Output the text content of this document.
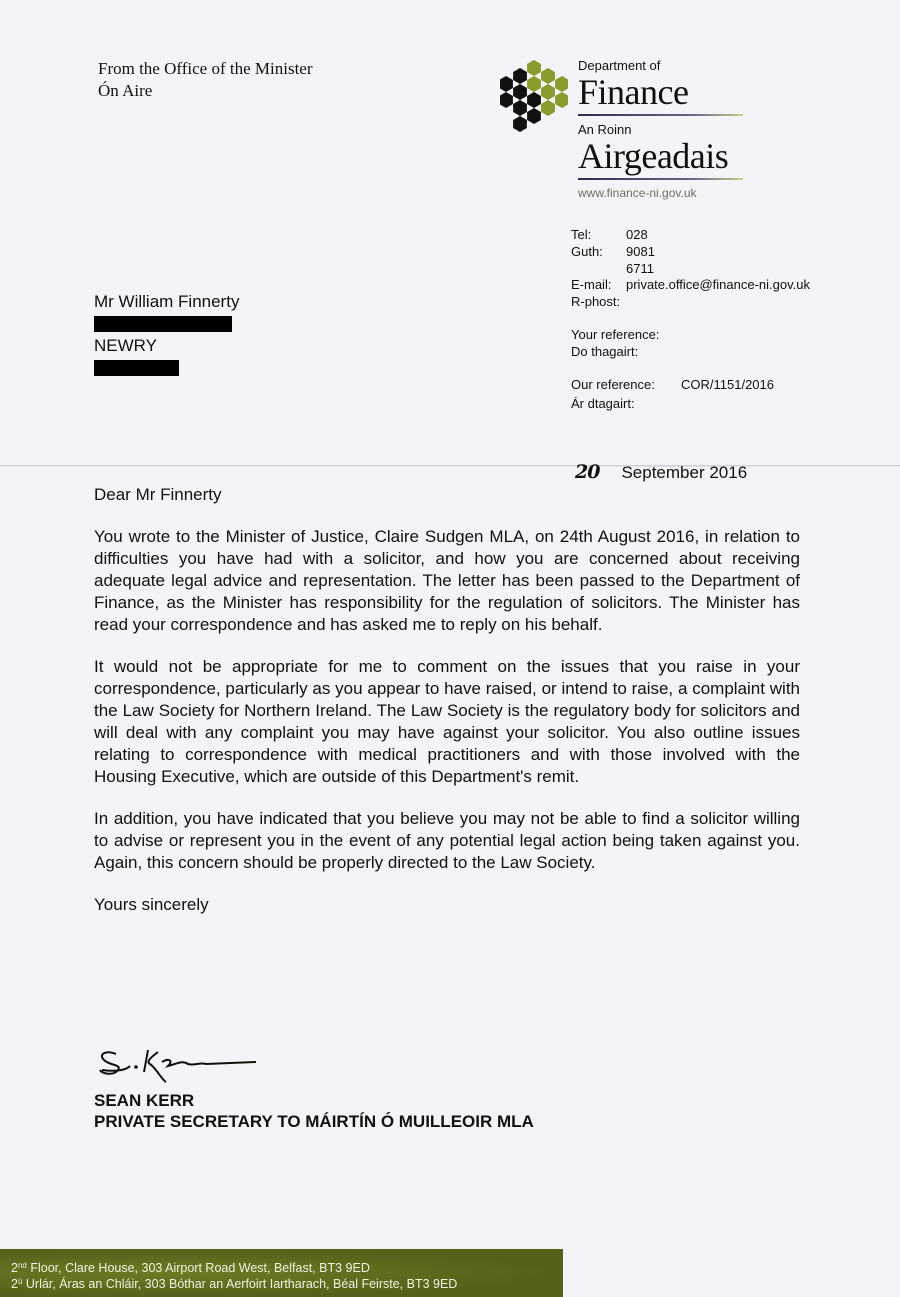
From the Office of the Minister
Ón Aire
Department of
Finance
An Roinn
Airgeadais
www.finance-ni.gov.uk
Tel:	028 9081 6711
Guth:
E-mail: private.office@finance-ni.gov.uk
R-phost:
Your reference:
Do thagairt:
Our reference: COR/1151/2016
Ár dtagairt:
Mr William Finnerty
NEWRY
20 September 2016

Dear Mr Finnerty

You wrote to the Minister of Justice, Claire Sudgen MLA, on 24th August 2016, in relation to difficulties you have had with a solicitor, and how you are concerned about receiving adequate legal advice and representation. The letter has been passed to the Department of Finance, as the Minister has responsibility for the regulation of solicitors. The Minister has read your correspondence and has asked me to reply on his behalf.

It would not be appropriate for me to comment on the issues that you raise in your correspondence, particularly as you appear to have raised, or intend to raise, a complaint with the Law Society for Northern Ireland. The Law Society is the regulatory body for solicitors and will deal with any complaint you may have against your solicitor. You also outline issues relating to correspondence with medical practitioners and with those involved with the Housing Executive, which are outside of this Department's remit.

In addition, you have indicated that you believe you may not be able to find a solicitor willing to advise or represent you in the event of any potential legal action being taken against you. Again, this concern should be properly directed to the Law Society.

Yours sincerely

SEAN KERR
PRIVATE SECRETARY TO MÁIRTÍN Ó MUILLEOIR MLA
2nd Floor, Clare House, 303 Airport Road West, Belfast, BT3 9ED
$2^ú$ Urlár, Áras an Chláir, 303 Bóthar an Aerfoirt Iartharach, Béal Feirste, BT3 9ED
